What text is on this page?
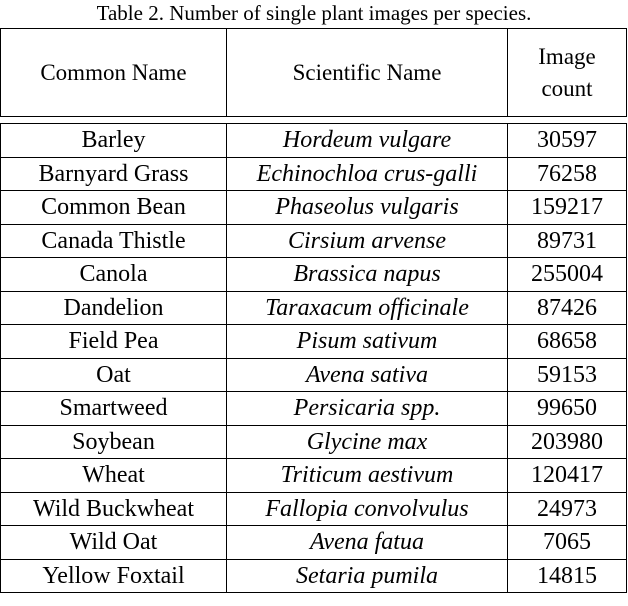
Table 2. Number of single plant images per species.
Common Name	Scientific Name	Image
count
Barley	Hordeum vulgare	30597
Barnyard Grass	Echinochloa crus-galli	76258
Common Bean	Phaseolus vulgaris	159217
Canada Thistle	Cirsium arvense	89731
Canola	Brassica napus	255004
Dandelion	Taraxacum officinale	87426
Field Pea	Pisum sativum	68658
Oat	Avena sativa	59153
Smartweed	Persicaria spp.	99650
Soybean	Glycine max	203980
Wheat	Triticum aestivum	120417
Wild Buckwheat	Fallopia convolvulus	24973
Wild Oat	Avena fatua	7065
Yellow Foxtail	Setaria pumila	14815
